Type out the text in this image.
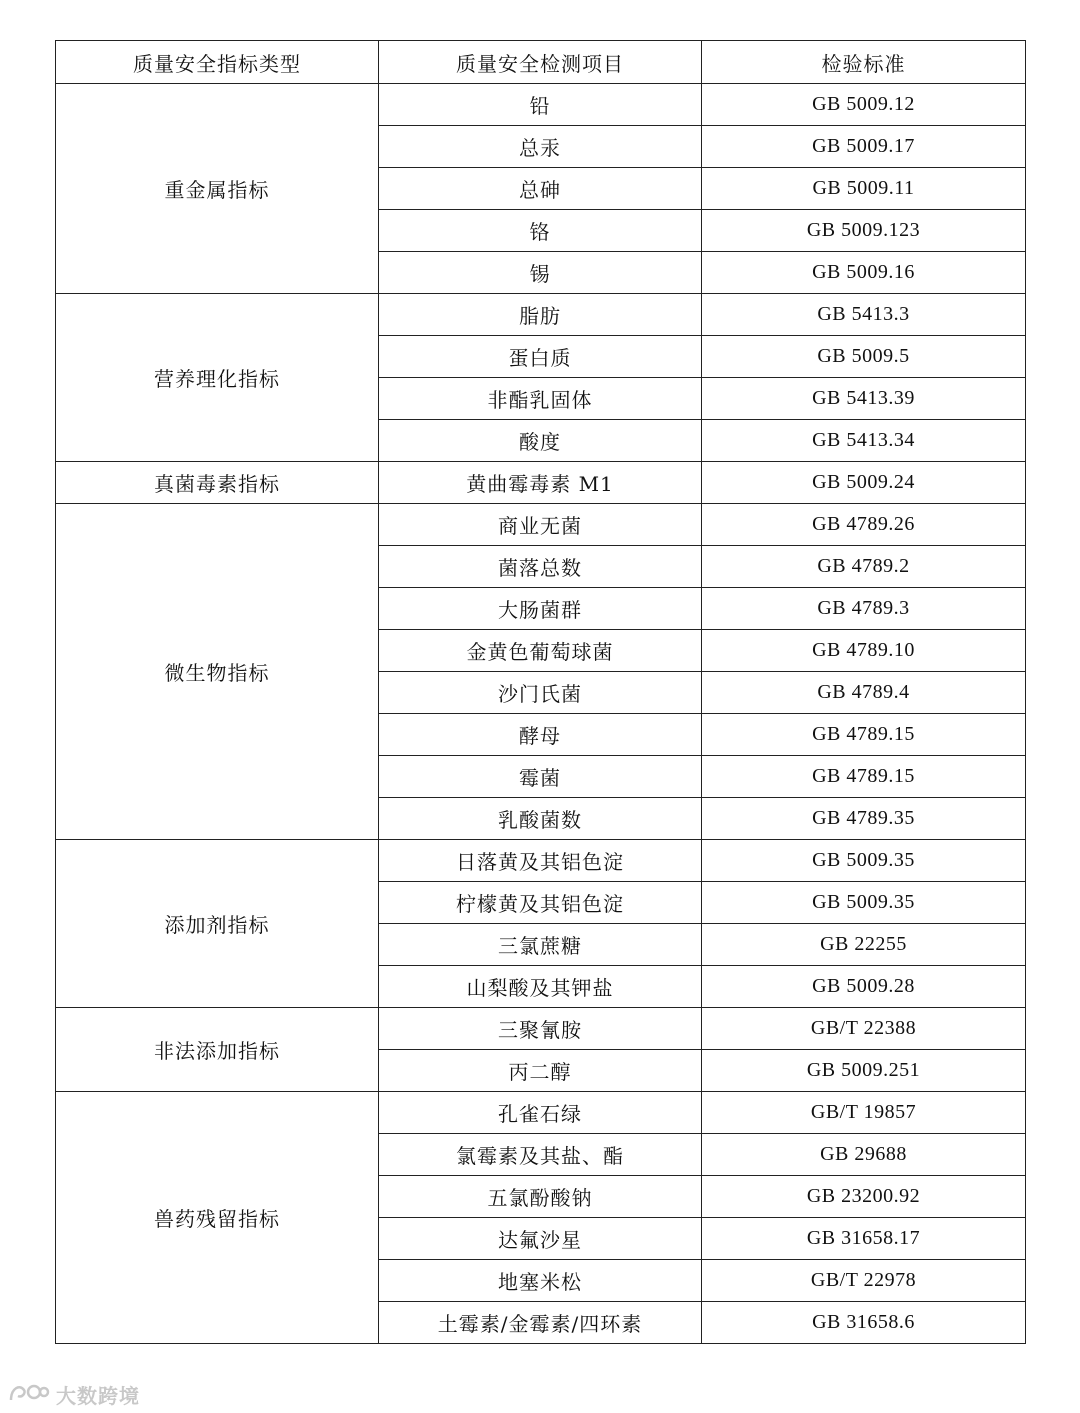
质量安全指标类型	质量安全检测项目	检验标准
重金属指标	铅	GB 5009.12
	总汞	GB 5009.17
	总砷	GB 5009.11
	铬	GB 5009.123
	锡	GB 5009.16
营养理化指标	脂肪	GB 5413.3
	蛋白质	GB 5009.5
	非酯乳固体	GB 5413.39
	酸度	GB 5413.34
真菌毒素指标	黄曲霉毒素 M1	GB 5009.24
微生物指标	商业无菌	GB 4789.26
	菌落总数	GB 4789.2
	大肠菌群	GB 4789.3
	金黄色葡萄球菌	GB 4789.10
	沙门氏菌	GB 4789.4
	酵母	GB 4789.15
	霉菌	GB 4789.15
	乳酸菌数	GB 4789.35
添加剂指标	日落黄及其铝色淀	GB 5009.35
	柠檬黄及其铝色淀	GB 5009.35
	三氯蔗糖	GB 22255
	山梨酸及其钾盐	GB 5009.28
非法添加指标	三聚氰胺	GB/T 22388
	丙二醇	GB 5009.251
兽药残留指标	孔雀石绿	GB/T 19857
	氯霉素及其盐、酯	GB 29688
	五氯酚酸钠	GB 23200.92
	达氟沙星	GB 31658.17
	地塞米松	GB/T 22978
	土霉素/金霉素/四环素	GB 31658.6
大数跨境
